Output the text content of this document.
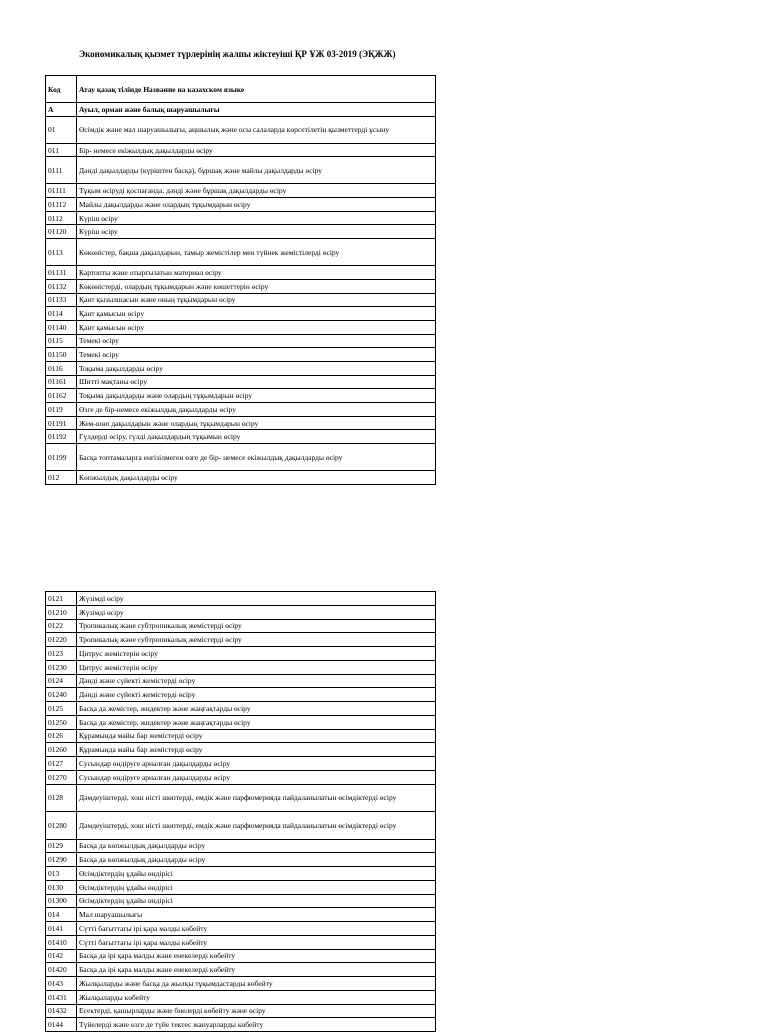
Экономикалық қызмет түрлерінің жалпы жіктеуіші ҚР ҰЖ 03-2019 (ЭҚЖЖ)
Код	Атау қазақ тілінде Название на казахском языке
A	Ауыл, орман және балық шаруашылығы
01	Өсімдік және мал шаруашылығы, аңшылық және осы салаларда көрсетілетін қызметтерді ұсыну
011	Бір- немесе екіжылдық дақылдарды өсіру
0111	Дәнді дақылдарды (күріштен басқа), бұршақ және майлы дақылдарды өсіру
01111	Тұқым өсіруді қоспағанда, дәнді және бұршақ дақылдарды өсіру
01112	Майлы дақылдарды және олардың тұқымдарын өсіру
0112	Күріш өсіру
01120	Күріш өсіру
0113	Көкөністер, бақша дақылдарын, тамыр жемістілер мен түйнек жемістілерді өсіру
01131	Картопты және отырғызатын материал өсіру
01132	Көкөністерді, олардың тұқымдарын және көшеттерін өсіру
01133	Қант қызылшасын және оның тұқымдарын өсіру
0114	Қант қамысын өсіру
01140	Қант қамысын өсіру
0115	Темекі өсіру
01150	Темекі өсіру
0116	Тоқыма дақылдарды өсіру
01161	Шитті мақтаны өсіру
01162	Тоқыма дақылдарды және олардың тұқымдарын өсіру
0119	Өзге де бір-немесе екіжылдық дақылдарды өсіру
01191	Жем-шөп дақылдарын және олардың тұқымдарын өсіру
01192	Гүлдерді өсіру, гүлді дақылдардың тұқымын өсіру
01199	Басқа топтамаларға енгізілмеген өзге де бір- немесе екіжылдық дақылдарды өсіру
012	Көпжылдық дақылдарды өсіру
0121	Жүзімді өсіру
01210	Жүзімді өсіру
0122	Тропикалық және субтропикалық жемістерді өсіру
01220	Тропикалық және субтропикалық жемістерді өсіру
0123	Цитрус жемістерін өсіру
01230	Цитрус жемістерін өсіру
0124	Дәнді және сүйекті жемістерді өсіру
01240	Дәнді және сүйекті жемістерді өсіру
0125	Басқа да жемістер, жидектер және жаңғақтарды өсіру
01250	Басқа да жемістер, жидектер және жаңғақтарды өсіру
0126	Құрамында майы бар жемістерді өсіру
01260	Құрамында майы бар жемістерді өсіру
0127	Сусындар өндіруге арналған дақылдарды өсіру
01270	Сусындар өндіруге арналған дақылдарды өсіру
0128	Дәмдеуіштерді, хош иісті шөптерді, емдік және парфюмерияда пайдаланылатын өсімдіктерді өсіру
01280	Дәмдеуіштерді, хош иісті шөптерді, емдік және парфюмерияда пайдаланылатын өсімдіктерді өсіру
0129	Басқа да көпжылдық дақылдарды өсіру
01290	Басқа да көпжылдық дақылдарды өсіру
013	Өсімдіктердің ұдайы өндірісі
0130	Өсімдіктердің ұдайы өндірісі
01300	Өсімдіктердің ұдайы өндірісі
014	Мал шаруашылығы
0141	Сүтті бағыттағы ірі қара малды көбейту
01410	Сүтті бағыттағы ірі қара малды көбейту
0142	Басқа да ірі қара малды және енекелерді көбейту
01420	Басқа да ірі қара малды және енекелерді көбейту
0143	Жылқыларды және басқа да жылқы тұқымдастарды көбейту
01431	Жылқыларды көбейту
01432	Есектерді, қашырларды және биелерді көбейту және өсіру
0144	Түйелерді және өзге де түйе тектес жануарларды көбейту
